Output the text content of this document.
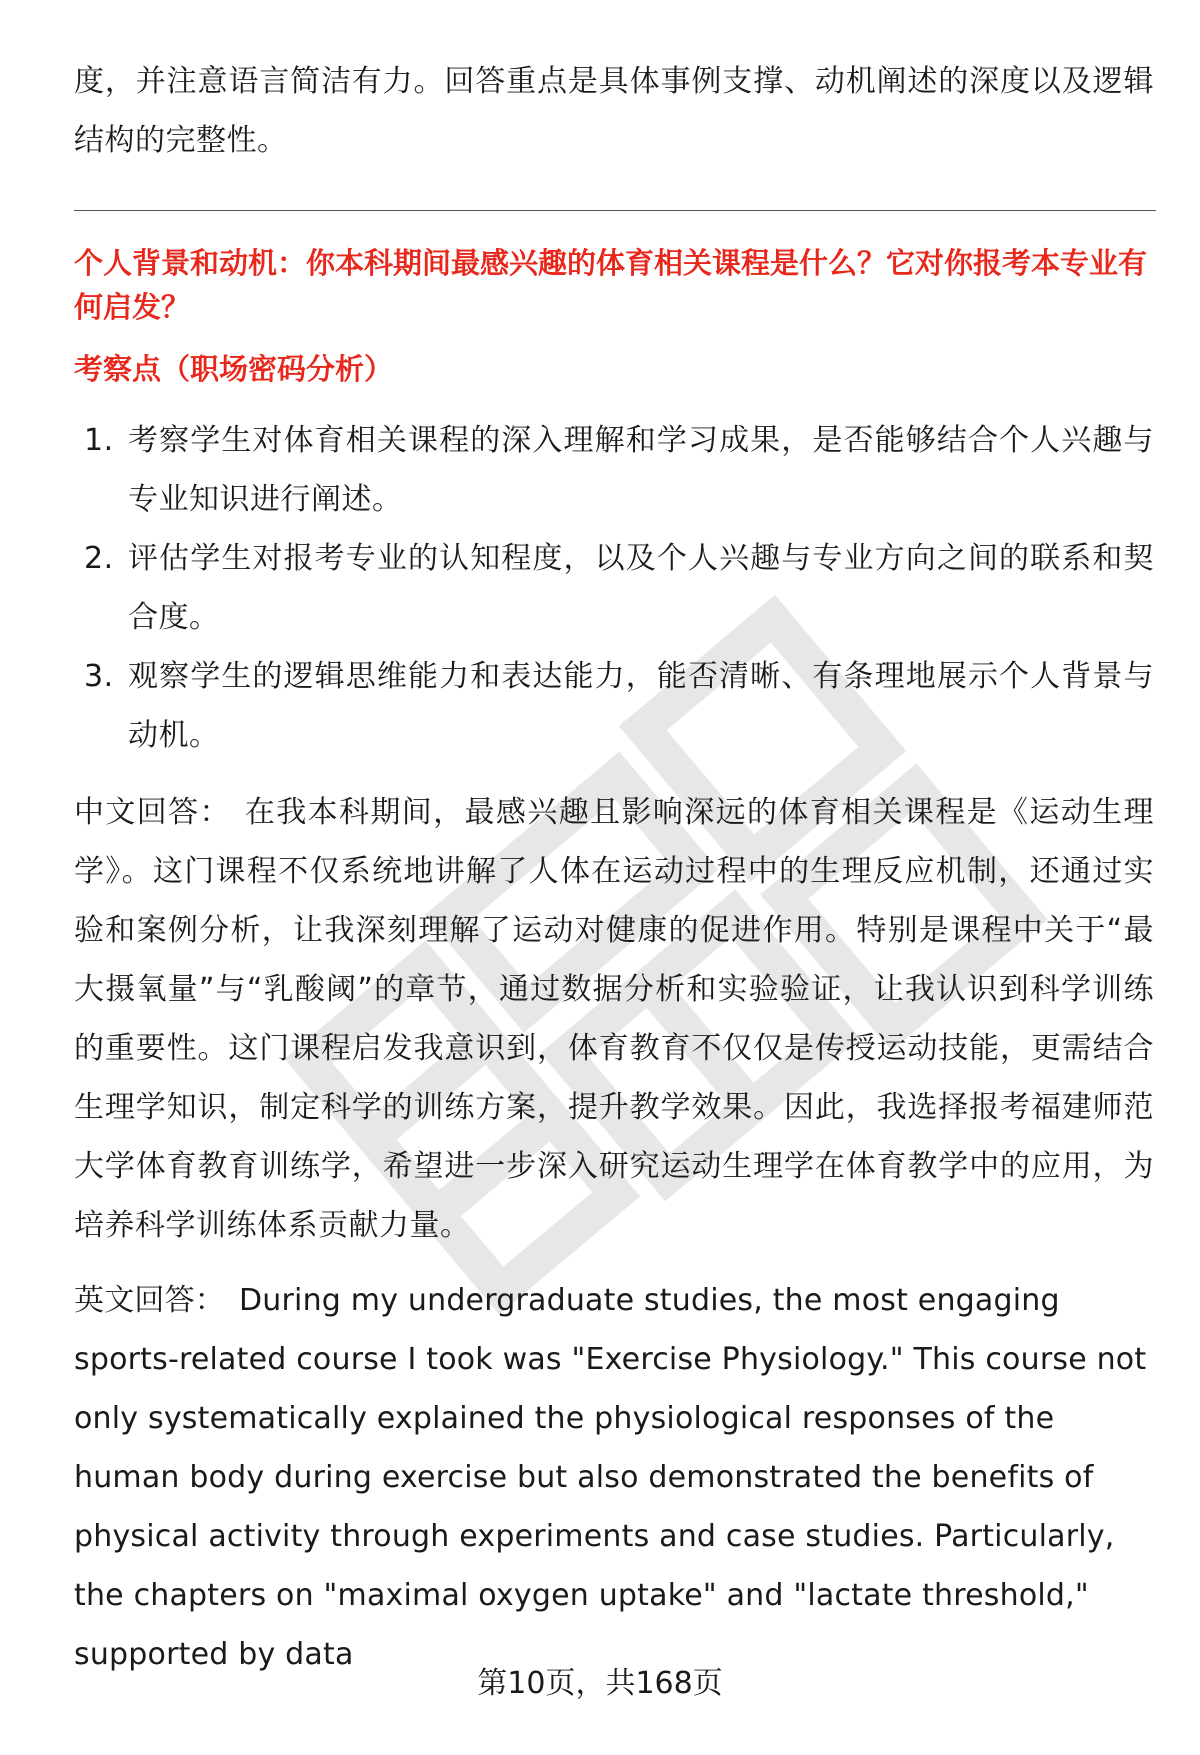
度，并注意语言简洁有力。回答重点是具体事例支撑、动机阐述的深度以及逻辑结构的完整性。

个人背景和动机：你本科期间最感兴趣的体育相关课程是什么？它对你报考本专业有何启发？

考察点（职场密码分析）

1. 考察学生对体育相关课程的深入理解和学习成果，是否能够结合个人兴趣与专业知识进行阐述。
2. 评估学生对报考专业的认知程度，以及个人兴趣与专业方向之间的联系和契合度。
3. 观察学生的逻辑思维能力和表达能力，能否清晰、有条理地展示个人背景与动机。

中文回答： 在我本科期间，最感兴趣且影响深远的体育相关课程是《运动生理学》。这门课程不仅系统地讲解了人体在运动过程中的生理反应机制，还通过实验和案例分析，让我深刻理解了运动对健康的促进作用。特别是课程中关于“最大摄氧量”与“乳酸阈”的章节，通过数据分析和实验验证，让我认识到科学训练的重要性。这门课程启发我意识到，体育教育不仅仅是传授运动技能，更需结合生理学知识，制定科学的训练方案，提升教学效果。因此，我选择报考福建师范大学体育教育训练学，希望进一步深入研究运动生理学在体育教学中的应用，为培养科学训练体系贡献力量。

英文回答： During my undergraduate studies, the most engaging sports-related course I took was "Exercise Physiology." This course not only systematically explained the physiological responses of the human body during exercise but also demonstrated the benefits of physical activity through experiments and case studies. Particularly, the chapters on "maximal oxygen uptake" and "lactate threshold," supported by data

第10页，共168页
